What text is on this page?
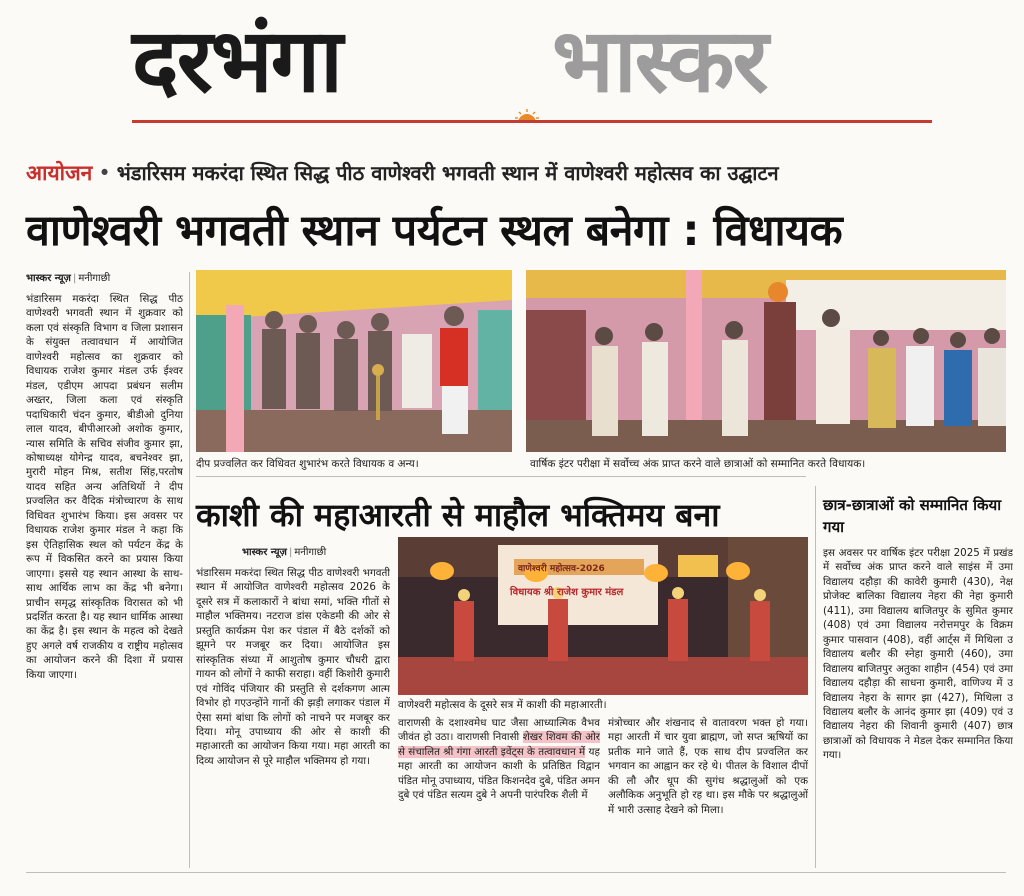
दरभंगा भास्कर
आयोजन • भंडारिसम मकरंदा स्थित सिद्ध पीठ वाणेश्वरी भगवती स्थान में वाणेश्वरी महोत्सव का उद्घाटन
वाणेश्वरी भगवती स्थान पर्यटन स्थल बनेगा : विधायक
भास्कर न्यूज़ | मनीगाछी
भंडारिसम मकरंदा स्थित सिद्ध पीठ वाणेश्वरी भगवती स्थान में शुक्रवार को कला एवं संस्कृति विभाग व जिला प्रशासन के संयुक्त तत्वावधान में आयोजित वाणेश्वरी महोत्सव का शुक्रवार को विधायक राजेश कुमार मंडल उर्फ ईश्वर मंडल, एडीएम आपदा प्रबंधन सलीम अख्तर, जिला कला एवं संस्कृति पदाधिकारी चंदन कुमार, बीडीओ दुनिया लाल यादव, बीपीआरओ अशोक कुमार, न्यास समिति के सचिव संजीव कुमार झा, कोषाध्यक्ष योगेन्द्र यादव, बचनेश्वर झा, मुरारी मोहन मिश्र, सतीश सिंह,परतोष यादव सहित अन्य अतिथियों ने दीप प्रज्वलित कर वैदिक मंत्रोच्चारण के साथ विधिवत शुभारंभ किया। इस अवसर पर विधायक राजेश कुमार मंडल ने कहा कि इस ऐतिहासिक स्थल को पर्यटन केंद्र के रूप में विकसित करने का प्रयास किया जाएगा। इससे यह स्थान आस्था के साथ-साथ आर्थिक लाभ का केंद्र भी बनेगा। प्राचीन समृद्ध सांस्कृतिक विरासत को भी प्रदर्शित करता है। यह स्थान धार्मिक आस्था का केंद्र है। इस स्थान के महत्व को देखते हुए अगले वर्ष राजकीय व राष्ट्रीय महोत्सव का आयोजन करने की दिशा में प्रयास किया जाएगा।
दीप प्रज्वलित कर विधिवत शुभारंभ करते विधायक व अन्य।	वार्षिक इंटर परीक्षा में सर्वोच्च अंक प्राप्त करने वाले छात्राओं को सम्मानित करते विधायक।
काशी की महाआरती से माहौल भक्तिमय बना
भास्कर न्यूज़ | मनीगाछी
भंडारिसम मकरंदा स्थित सिद्ध पीठ वाणेश्वरी भगवती स्थान में आयोजित वाणेश्वरी महोत्सव 2026 के दूसरे सत्र में कलाकारों ने बांधा समां, भक्ति गीतों से माहौल भक्तिमय। नटराज डांस एकेडमी की ओर से प्रस्तुति कार्यक्रम पेश कर पंडाल में बैठे दर्शकों को झूमने पर मजबूर कर दिया। आयोजित इस सांस्कृतिक संध्या में आशुतोष कुमार चौधरी द्वारा गायन को लोगों ने काफी सराहा। वहीं किशोरी कुमारी एवं गोविंद पंजियार की प्रस्तुति से दर्शकगण आत्म विभोर हो गएउन्होंने गानों की झड़ी लगाकर पंडाल में ऐसा समां बांधा कि लोगों को नाचने पर मजबूर कर दिया। मोनू उपाध्याय की ओर से काशी की महाआरती का आयोजन किया गया। महा आरती का दिव्य आयोजन से पूरे माहौल भक्तिमय हो गया।
वाणेश्वरी महोत्सव-2026
विधायक श्री राजेश कुमार मंडल
वाणेश्वरी महोत्सव के दूसरे सत्र में काशी की महाआरती।
वाराणसी के दशाश्वमेध घाट जैसा आध्यात्मिक वैभव जीवंत हो उठा। वाराणसी निवासी शेखर शिवम की ओर से संचालित श्री गंगा आरती इवेंट्स के तत्वावधान में यह महा आरती का आयोजन काशी के प्रतिष्ठित विद्वान पंडित मोनू उपाध्याय, पंडित किशनदेव दुबे, पंडित अमन दुबे एवं पंडित सत्यम दुबे ने अपनी पारंपरिक शैली में
मंत्रोच्चार और शंखनाद से वातावरण भक्त हो गया। महा आरती में चार युवा ब्राह्मण, जो सप्त ऋषियों का प्रतीक माने जाते हैं, एक साथ दीप प्रज्वलित कर भगवान का आह्वान कर रहे थे। पीतल के विशाल दीपों की लौ और धूप की सुगंध श्रद्धालुओं को एक अलौकिक अनुभूति हो रह था। इस मौके पर श्रद्धालुओं में भारी उत्साह देखने को मिला।
छात्र-छात्राओं को सम्मानित किया गया
इस अवसर पर वार्षिक इंटर परीक्षा 2025 में प्रखंड में सर्वोच्च अंक प्राप्त करने वाले साइंस में उमा विद्यालय दहौड़ा की कावेरी कुमारी (430), नेक्ष प्रोजेक्ट बालिका विद्यालय नेहरा की नेहा कुमारी (411), उमा विद्यालय बाजितपुर के सुमित कुमार (408) एवं उमा विद्यालय नरोत्तमपुर के विक्रम कुमार पासवान (408), वहीं आर्ट्स में मिथिला उ विद्यालय बलौर की स्नेहा कुमारी (460), उमा विद्यालय बाजितपुर अतुका शाहीन (454) एवं उमा विद्यालय दहौड़ा की साधना कुमारी, वाणिज्य में उ विद्यालय नेहरा के सागर झा (427), मिथिला उ विद्यालय बलौर के आनंद कुमार झा (409) एवं उ विद्यालय नेहरा की शिवानी कुमारी (407) छात्र छात्राओं को विधायक ने मेडल देकर सम्मानित किया गया।
